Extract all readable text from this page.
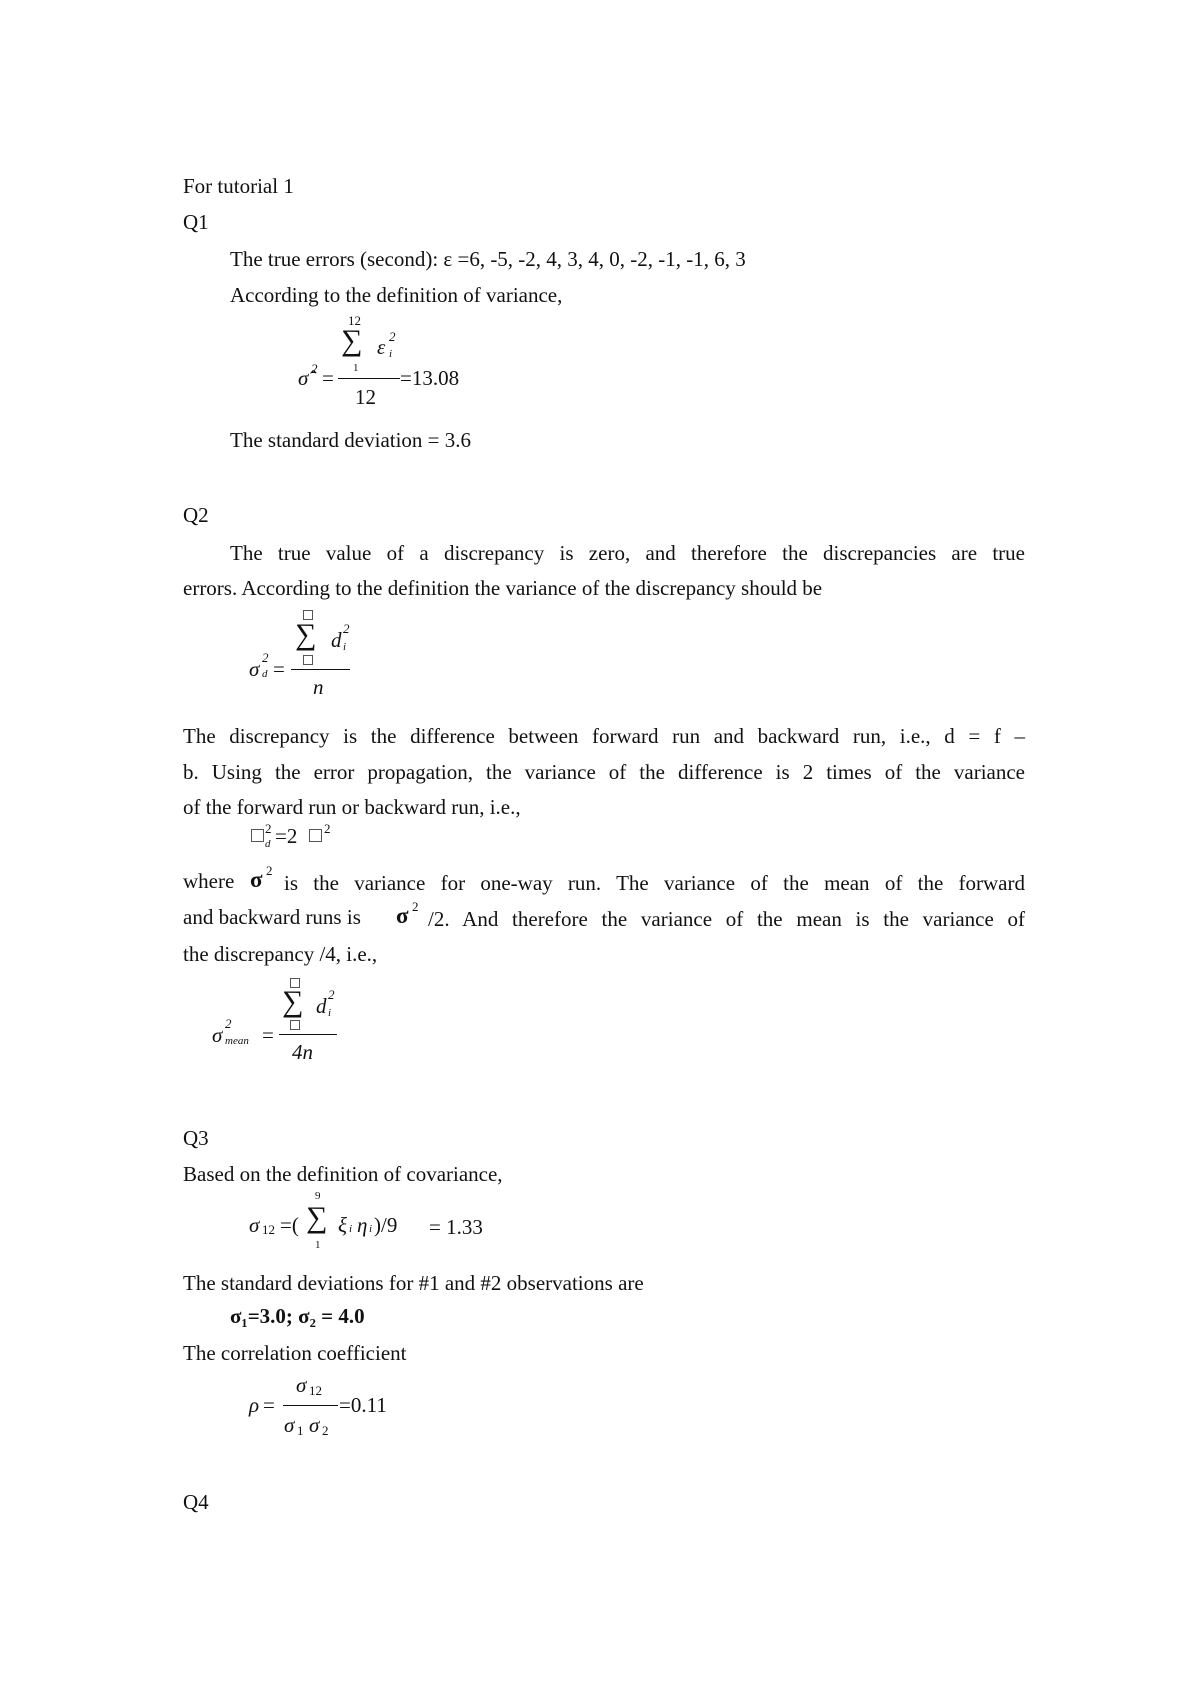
For tutorial 1
Q1
The true errors (second): ε =6, -5, -2, 4, 3, 4, 0, -2, -1, -1, 6, 3
According to the definition of variance,
12
∑ ε 2
i
σ̂ 2 = 1
12
=13.08
The standard deviation = 3.6
Q2
The true value of a discrepancy is zero, and therefore the discrepancies are true
errors. According to the definition the variance of the discrepancy should be
∑ d 2
i
σ 2
d =
n
The discrepancy is the difference between forward run and backward run, i.e., d = f –
b. Using the error propagation, the variance of the difference is 2 times of the variance
of the forward run or backward run, i.e.,
2
d =2 2
where σ 2
is the variance for one-way run. The variance of the mean of the forward
and backward runs is σ 2
/2. And therefore the variance of the mean is the variance of
the discrepancy /4, i.e.,
∑ d 2
i
σ 2
mean =
4n
Q3
Based on the definition of covariance,
9
σ 12 =( ∑ ξ i η i )/9
1
= 1.33
The standard deviations for #1 and #2 observations are
σ₁=3.0; σ₂ = 4.0
The correlation coefficient
σ 12
ρ =
σ 1 σ 2
=0.11
Q4
